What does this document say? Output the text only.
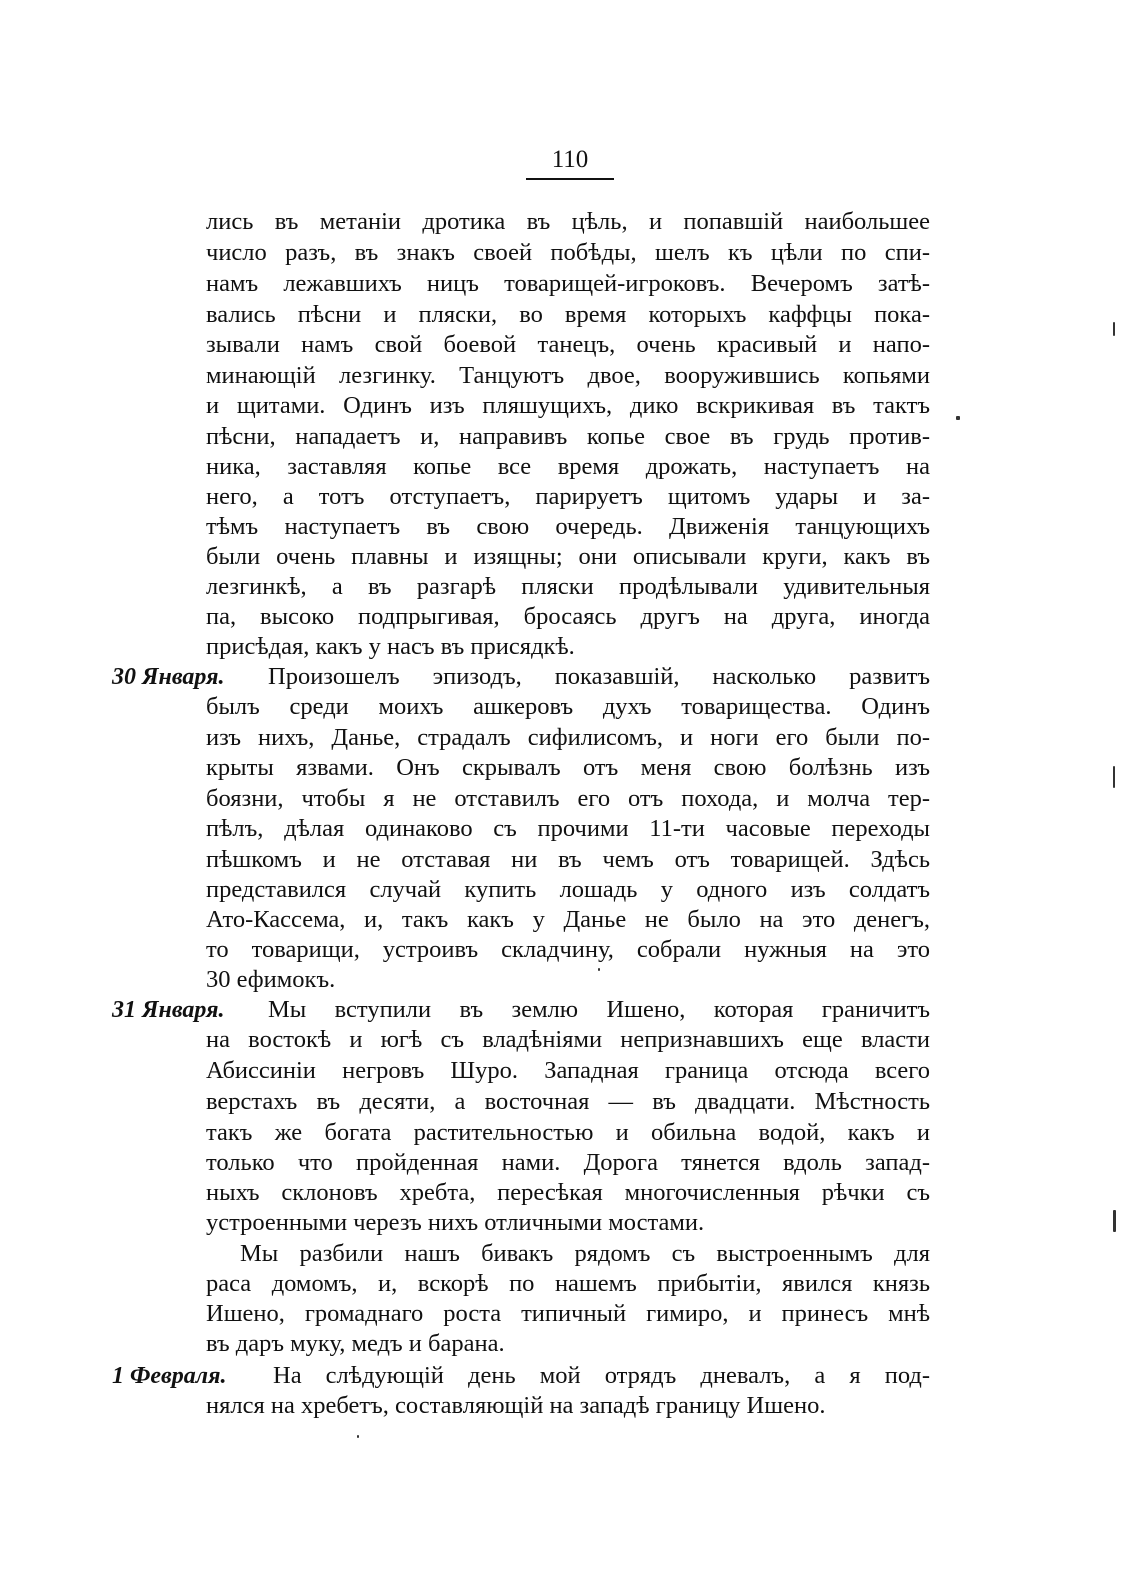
110
лись въ метанiи дротика въ цѣль, и попавшiй наибольшее
число разъ, въ знакъ своей побѣды, шелъ къ цѣли по спи-
намъ лежавшихъ ницъ товарищей-игроковъ. Вечеромъ затѣ-
вались пѣсни и пляски, во время которыхъ каффцы пока-
зывали намъ свой боевой танецъ, очень красивый и напо-
минающiй лезгинку. Танцуютъ двое, вооружившись копьями
и щитами. Одинъ изъ пляшущихъ, дико вскрикивая въ тактъ
пѣсни, нападаетъ и, направивъ копье свое въ грудь против-
ника, заставляя копье все время дрожать, наступаетъ на
него, а тотъ отступаетъ, парируетъ щитомъ удары и за-
тѣмъ наступаетъ въ свою очередь. Движенiя танцующихъ
были очень плавны и изящны; они описывали круги, какъ въ
лезгинкѣ, а въ разгарѣ пляски продѣлывали удивительныя
па, высоко подпрыгивая, бросаясь другъ на друга, иногда
присѣдая, какъ у насъ въ присядкѣ.
30 Января. Произошелъ эпизодъ, показавшiй, насколько развитъ
былъ среди моихъ ашкеровъ духъ товарищества. Одинъ
изъ нихъ, Данье, страдалъ сифилисомъ, и ноги его были по-
крыты язвами. Онъ скрывалъ отъ меня свою болѣзнь изъ
боязни, чтобы я не отставилъ его отъ похода, и молча тер-
пѣлъ, дѣлая одинаково съ прочими 11-ти часовые переходы
пѣшкомъ и не отставая ни въ чемъ отъ товарищей. Здѣсь
представился случай купить лошадь у одного изъ солдатъ
Ато-Кассема, и, такъ какъ у Данье не было на это денегъ,
то товарищи, устроивъ складчину, собрали нужныя на это
30 ефимокъ.
31 Января. Мы вступили въ землю Ишено, которая граничитъ
на востокѣ и югѣ съ владѣнiями непризнавшихъ еще власти
Абиссинiи негровъ Шуро. Западная граница отсюда всего
верстахъ въ десяти, а восточная — въ двадцати. Мѣстность
такъ же богата растительностью и обильна водой, какъ и
только что пройденная нами. Дорога тянется вдоль запад-
ныхъ склоновъ хребта, пересѣкая многочисленныя рѣчки съ
устроенными черезъ нихъ отличными мостами.
Мы разбили нашъ бивакъ рядомъ съ выстроеннымъ для
раса домомъ, и, вскорѣ по нашемъ прибытiи, явился князь
Ишено, громаднаго роста типичный гимиро, и принесъ мнѣ
въ даръ муку, медъ и барана.
1 Февраля. На слѣдующiй день мой отрядъ дневалъ, а я под-
нялся на хребетъ, составляющiй на западѣ границу Ишено.
